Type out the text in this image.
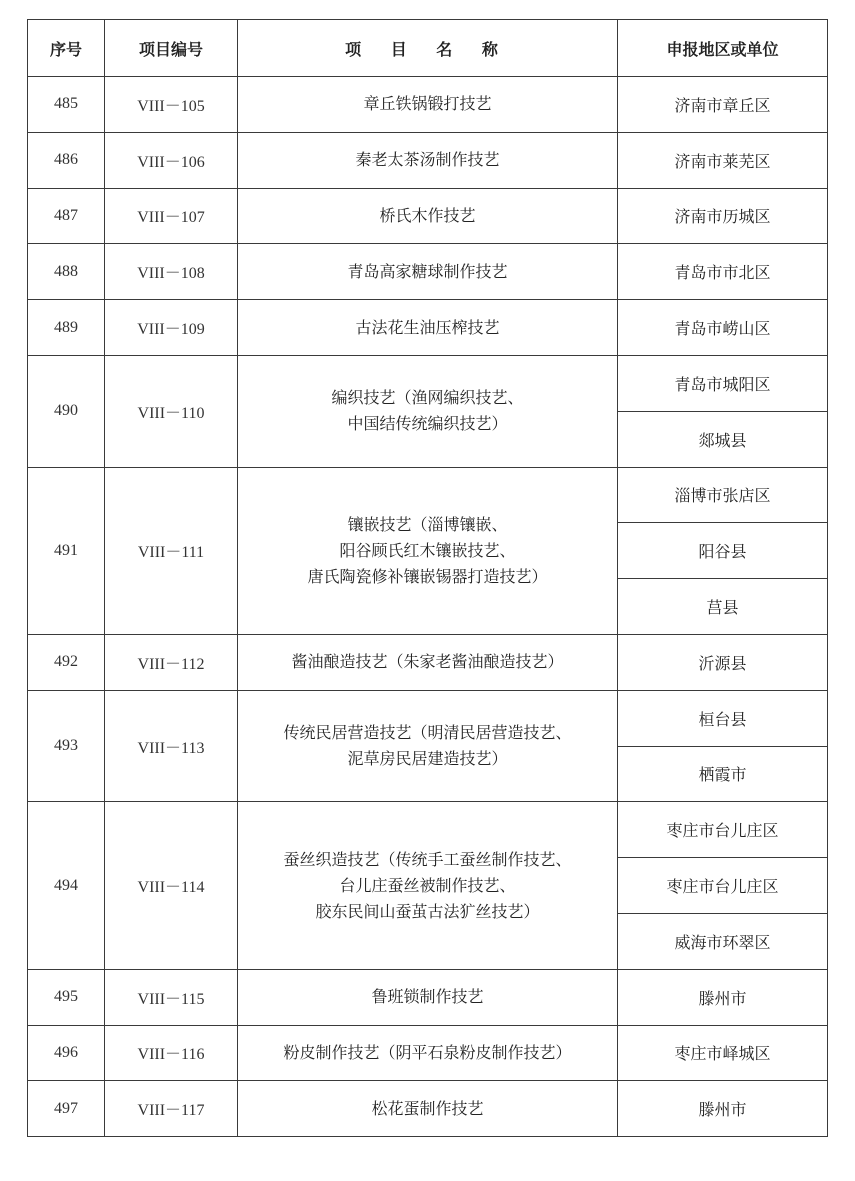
序号	项目编号	项 目 名 称	申报地区或单位
485	VIII－105	章丘铁锅锻打技艺	济南市章丘区
486	VIII－106	秦老太茶汤制作技艺	济南市莱芜区
487	VIII－107	桥氏木作技艺	济南市历城区
488	VIII－108	青岛高家糖球制作技艺	青岛市市北区
489	VIII－109	古法花生油压榨技艺	青岛市崂山区
490	VIII－110	编织技艺（渔网编织技艺、
中国结传统编织技艺）	青岛市城阳区
			郯城县
491	VIII－111	镶嵌技艺（淄博镶嵌、
阳谷顾氏红木镶嵌技艺、
唐氏陶瓷修补镶嵌锡器打造技艺）	淄博市张店区
			阳谷县
			莒县
492	VIII－112	酱油酿造技艺（朱家老酱油酿造技艺）	沂源县
493	VIII－113	传统民居营造技艺（明清民居营造技艺、
泥草房民居建造技艺）	桓台县
			栖霞市
494	VIII－114	蚕丝织造技艺（传统手工蚕丝制作技艺、
台儿庄蚕丝被制作技艺、
胶东民间山蚕茧古法犷丝技艺）	枣庄市台儿庄区
			枣庄市台儿庄区
			威海市环翠区
495	VIII－115	鲁班锁制作技艺	滕州市
496	VIII－116	粉皮制作技艺（阴平石泉粉皮制作技艺）	枣庄市峄城区
497	VIII－117	松花蛋制作技艺	滕州市
